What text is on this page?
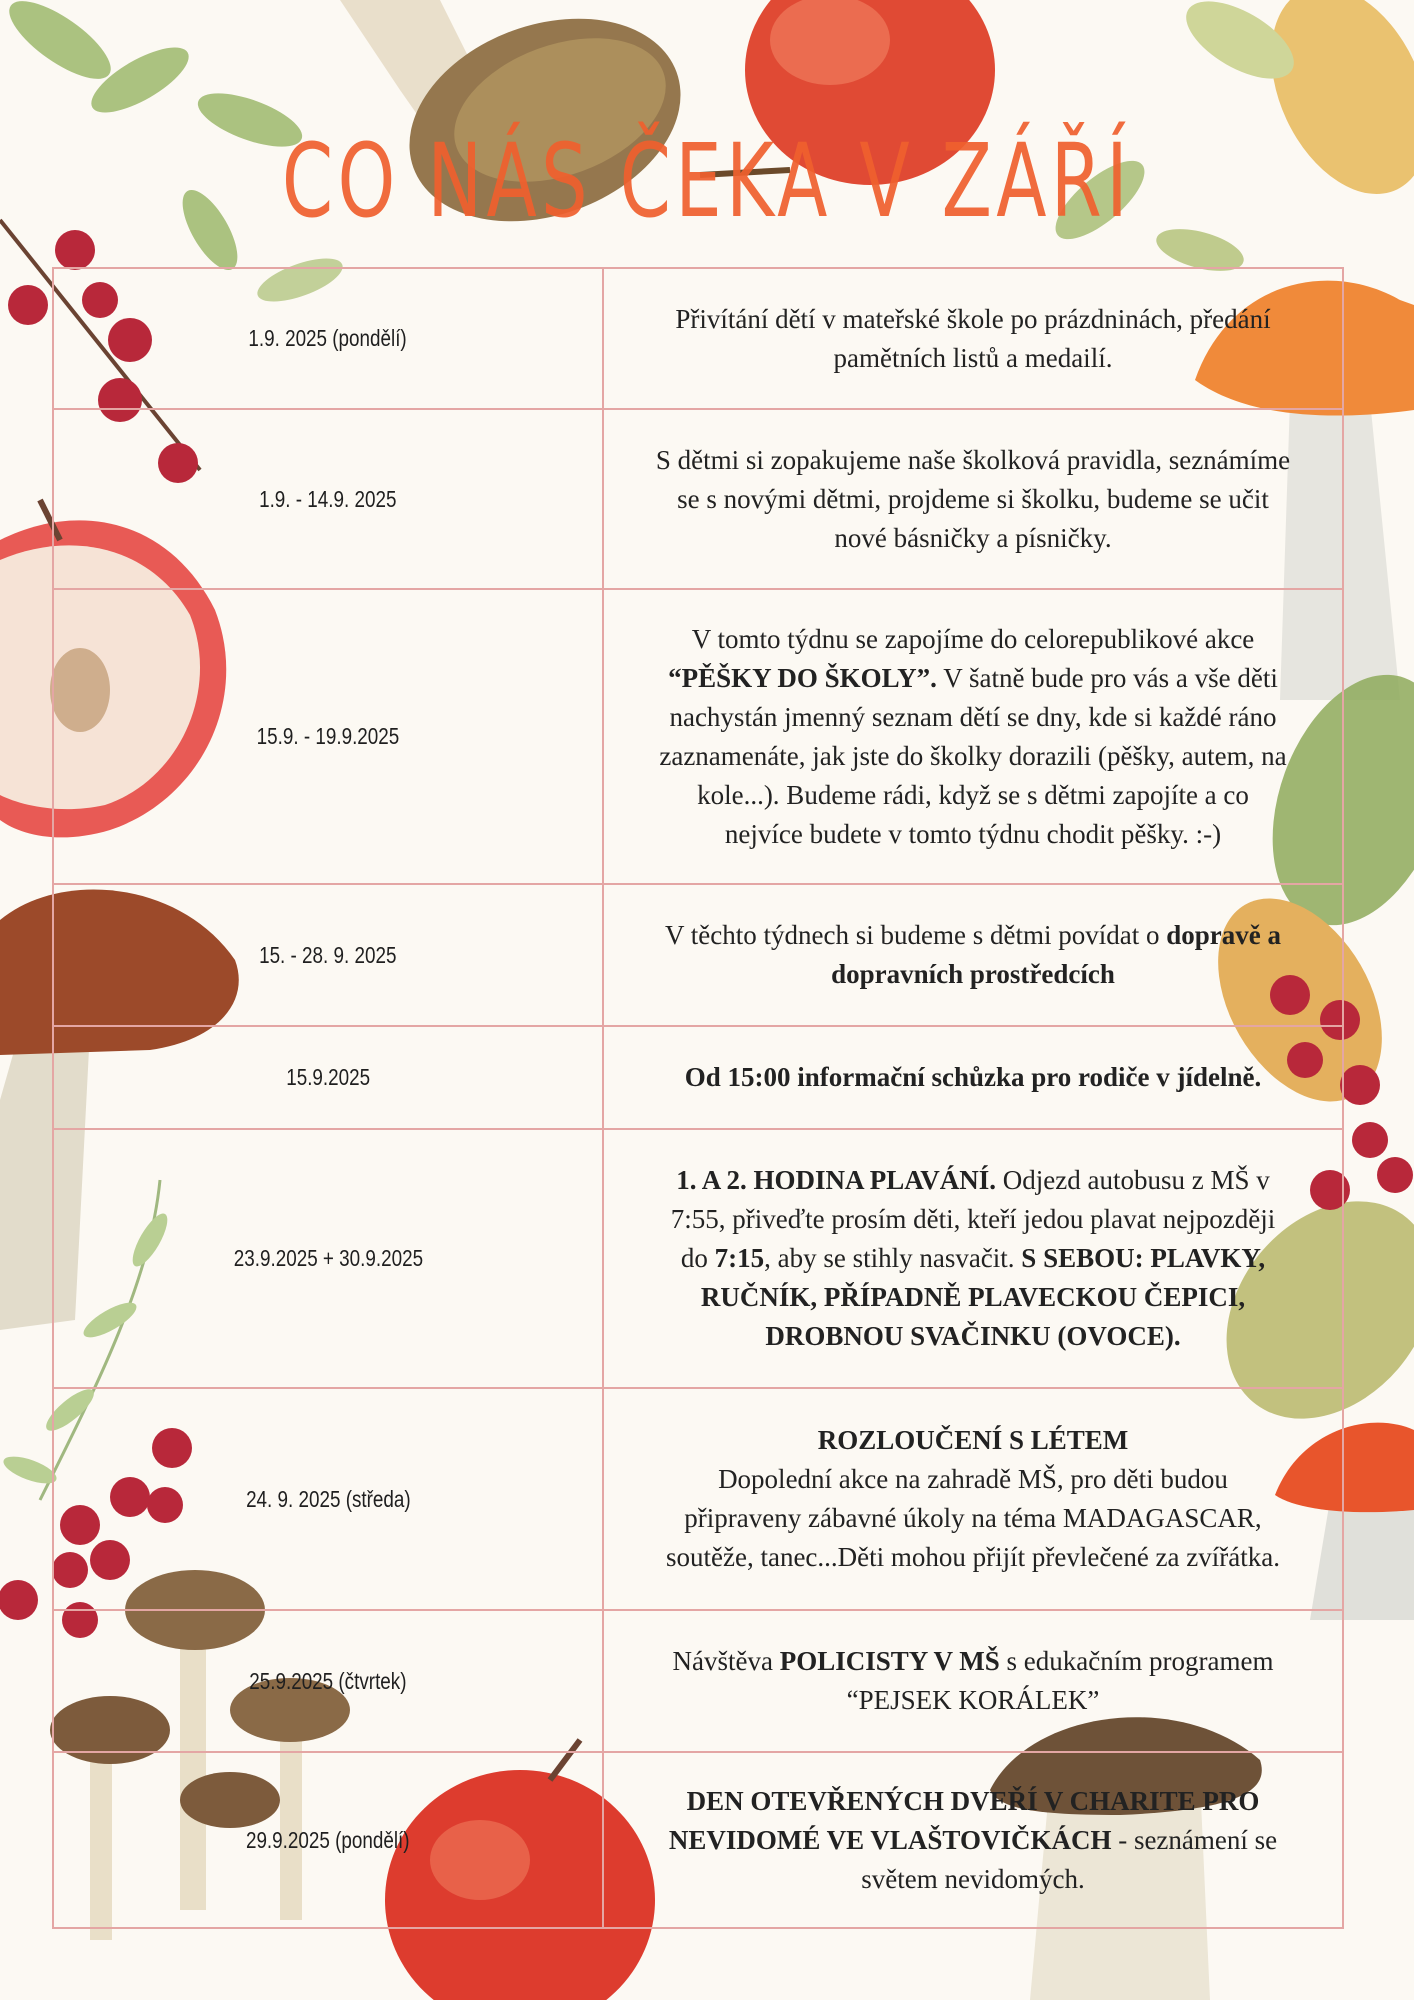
CO NÁS ČEKA V ZÁŘÍ
1.9. 2025 (pondělí)

Přivítání dětí v mateřské škole po prázdninách, předání
pamětních listů a medailí.

1.9. - 14.9. 2025

S dětmi si zopakujeme naše školková pravidla, seznámíme
se s novými dětmi, projdeme si školku, budeme se učit
nové básničky a písničky.

15.9. - 19.9.2025

V tomto týdnu se zapojíme do celorepublikové akce
“PĚŠKY DO ŠKOLY”. V šatně bude pro vás a vše děti
nachystán jmenný seznam dětí se dny, kde si každé ráno
zaznamenáte, jak jste do školky dorazili (pěšky, autem, na
kole...). Budeme rádi, když se s dětmi zapojíte a co
nejvíce budete v tomto týdnu chodit pěšky. :-)

15. - 28. 9. 2025

V těchto týdnech si budeme s dětmi povídat o dopravě a
dopravních prostředcích

15.9.2025	Od 15:00 informační schůzka pro rodiče v jídelně.

23.9.2025 + 30.9.2025

1. A 2. HODINA PLAVÁNÍ. Odjezd autobusu z MŠ v
7:55, přiveďte prosím děti, kteří jedou plavat nejpozději
do 7:15, aby se stihly nasvačit. S SEBOU: PLAVKY,
RUČNÍK, PŘÍPADNĚ PLAVECKOU ČEPICI,
DROBNOU SVAČINKU (OVOCE).

24. 9. 2025 (středa)

ROZLOUČENÍ S LÉTEM
Dopolední akce na zahradě MŠ, pro děti budou
připraveny zábavné úkoly na téma MADAGASCAR,
soutěže, tanec...Děti mohou přijít převlečené za zvířátka.

25.9.2025 (čtvrtek)

Návštěva POLICISTY V MŠ s edukačním programem
“PEJSEK KORÁLEK”

29.9.2025 (pondělí)

DEN OTEVŘENÝCH DVEŘÍ V CHARITE PRO
NEVIDOMÉ VE VLAŠTOVIČKÁCH - seznámení se
světem nevidomých.
